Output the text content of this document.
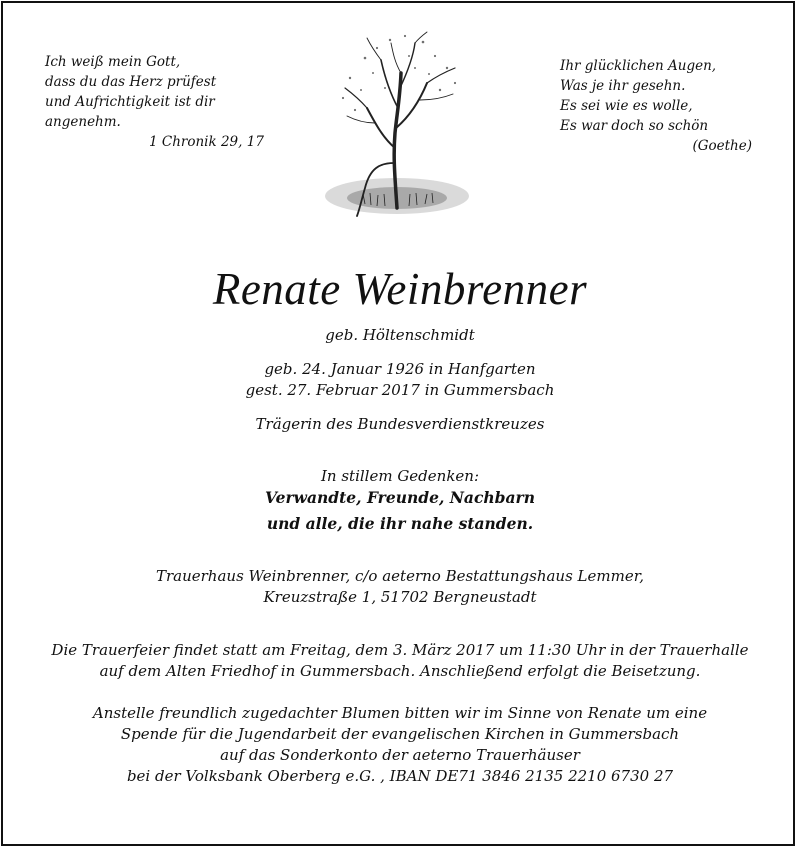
Ich weiß mein Gott,
dass du das Herz prüfest
und Aufrichtigkeit ist dir
angenehm.
1 Chronik 29, 17
Ihr glücklichen Augen,
Was je ihr gesehn.
Es sei wie es wolle,
Es war doch so schön
(Goethe)
Renate Weinbrenner
geb. Höltenschmidt
geb. 24. Januar 1926 in Hanfgarten
gest. 27. Februar 2017 in Gummersbach
Trägerin des Bundesverdienstkreuzes
In stillem Gedenken:
Verwandte, Freunde, Nachbarn
und alle, die ihr nahe standen.
Trauerhaus Weinbrenner, c/o aeterno Bestattungshaus Lemmer,
Kreuzstraße 1, 51702 Bergneustadt
Die Trauerfeier findet statt am Freitag, dem 3. März 2017 um 11:30 Uhr in der Trauerhalle
auf dem Alten Friedhof in Gummersbach. Anschließend erfolgt die Beisetzung.
Anstelle freundlich zugedachter Blumen bitten wir im Sinne von Renate um eine
Spende für die Jugendarbeit der evangelischen Kirchen in Gummersbach
auf das Sonderkonto der aeterno Trauerhäuser
bei der Volksbank Oberberg e.G. , IBAN DE71 3846 2135 2210 6730 27
